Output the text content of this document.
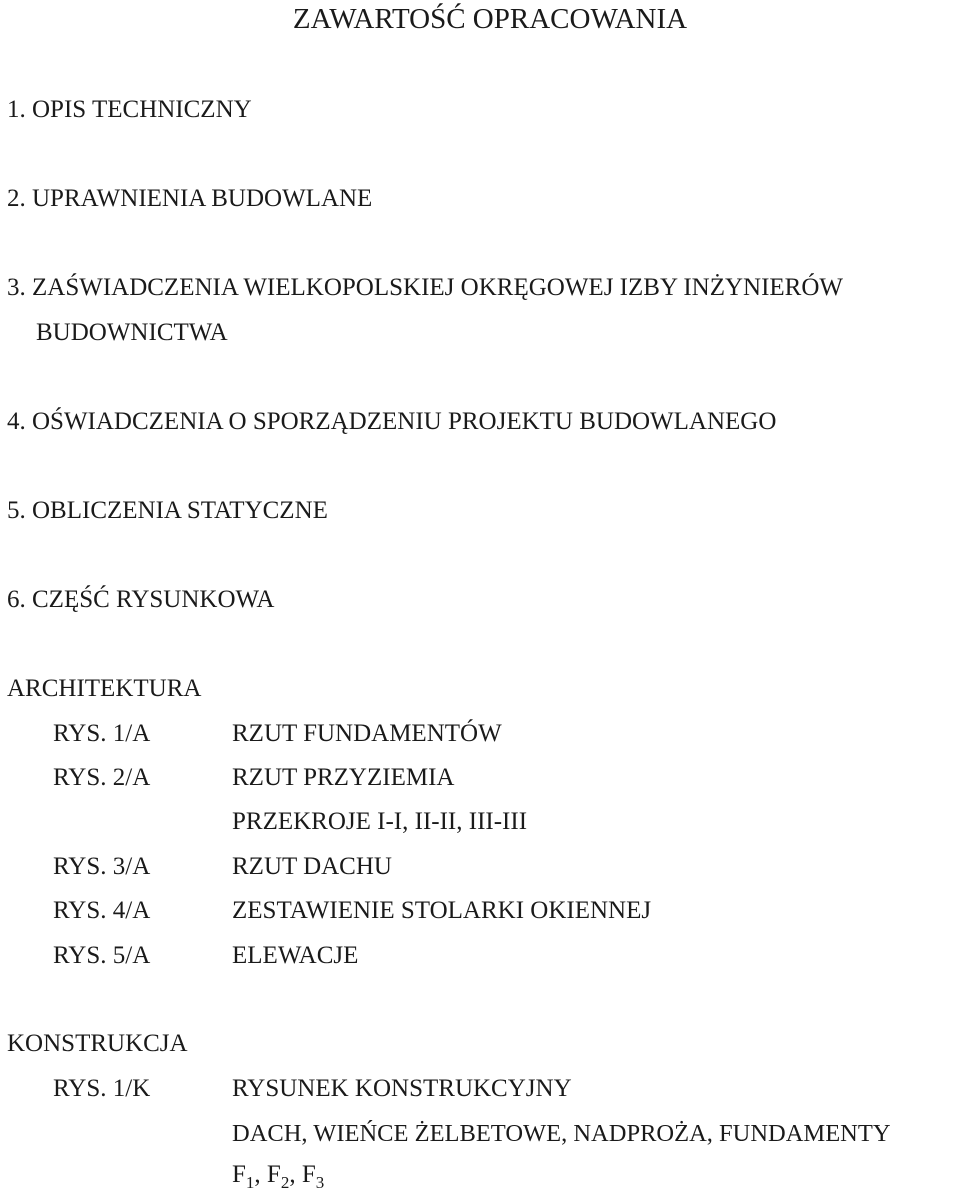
ZAWARTOŚĆ OPRACOWANIA
1. OPIS TECHNICZNY
2. UPRAWNIENIA BUDOWLANE
3. ZAŚWIADCZENIA WIELKOPOLSKIEJ OKRĘGOWEJ IZBY INŻYNIERÓW
BUDOWNICTWA
4. OŚWIADCZENIA O SPORZĄDZENIU PROJEKTU BUDOWLANEGO
5. OBLICZENIA STATYCZNE
6. CZĘŚĆ RYSUNKOWA
ARCHITEKTURA
RYS. 1/A	RZUT FUNDAMENTÓW
RYS. 2/A	RZUT PRZYZIEMIA
PRZEKROJE I-I, II-II, III-III
RYS. 3/A	RZUT DACHU
RYS. 4/A	ZESTAWIENIE STOLARKI OKIENNEJ
RYS. 5/A	ELEWACJE
KONSTRUKCJA
RYS. 1/K	RYSUNEK KONSTRUKCYJNY
DACH, WIEŃCE ŻELBETOWE, NADPROŻA, FUNDAMENTY
$F_1$, $F_2$, $F_3$
